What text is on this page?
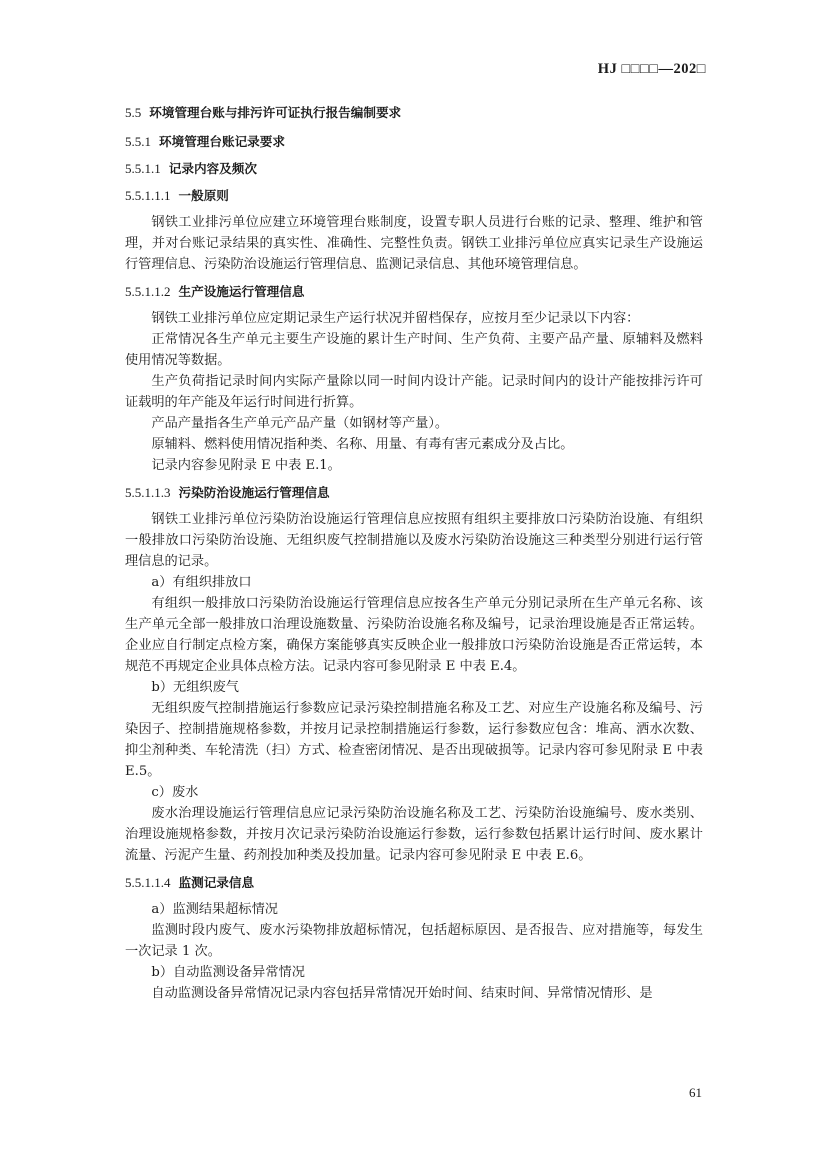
HJ □□□□—202□
5.5 环境管理台账与排污许可证执行报告编制要求
5.5.1 环境管理台账记录要求
5.5.1.1 记录内容及频次
5.5.1.1.1 一般原则
钢铁工业排污单位应建立环境管理台账制度，设置专职人员进行台账的记录、整理、维护和管理，并对台账记录结果的真实性、准确性、完整性负责。钢铁工业排污单位应真实记录生产设施运行管理信息、污染防治设施运行管理信息、监测记录信息、其他环境管理信息。
5.5.1.1.2 生产设施运行管理信息
钢铁工业排污单位应定期记录生产运行状况并留档保存，应按月至少记录以下内容：
正常情况各生产单元主要生产设施的累计生产时间、生产负荷、主要产品产量、原辅料及燃料使用情况等数据。
生产负荷指记录时间内实际产量除以同一时间内设计产能。记录时间内的设计产能按排污许可证载明的年产能及年运行时间进行折算。
产品产量指各生产单元产品产量（如钢材等产量）。
原辅料、燃料使用情况指种类、名称、用量、有毒有害元素成分及占比。
记录内容参见附录 E 中表 E.1。
5.5.1.1.3 污染防治设施运行管理信息
钢铁工业排污单位污染防治设施运行管理信息应按照有组织主要排放口污染防治设施、有组织一般排放口污染防治设施、无组织废气控制措施以及废水污染防治设施这三种类型分别进行运行管理信息的记录。
a）有组织排放口
有组织一般排放口污染防治设施运行管理信息应按各生产单元分别记录所在生产单元名称、该生产单元全部一般排放口治理设施数量、污染防治设施名称及编号，记录治理设施是否正常运转。企业应自行制定点检方案，确保方案能够真实反映企业一般排放口污染防治设施是否正常运转，本规范不再规定企业具体点检方法。记录内容可参见附录 E 中表 E.4。
b）无组织废气
无组织废气控制措施运行参数应记录污染控制措施名称及工艺、对应生产设施名称及编号、污染因子、控制措施规格参数，并按月记录控制措施运行参数，运行参数应包含：堆高、洒水次数、抑尘剂种类、车轮清洗（扫）方式、检查密闭情况、是否出现破损等。记录内容可参见附录 E 中表 E.5。
c）废水
废水治理设施运行管理信息应记录污染防治设施名称及工艺、污染防治设施编号、废水类别、治理设施规格参数，并按月次记录污染防治设施运行参数，运行参数包括累计运行时间、废水累计流量、污泥产生量、药剂投加种类及投加量。记录内容可参见附录 E 中表 E.6。
5.5.1.1.4 监测记录信息
a）监测结果超标情况
监测时段内废气、废水污染物排放超标情况，包括超标原因、是否报告、应对措施等，每发生一次记录 1 次。
b）自动监测设备异常情况
自动监测设备异常情况记录内容包括异常情况开始时间、结束时间、异常情况情形、是
61
